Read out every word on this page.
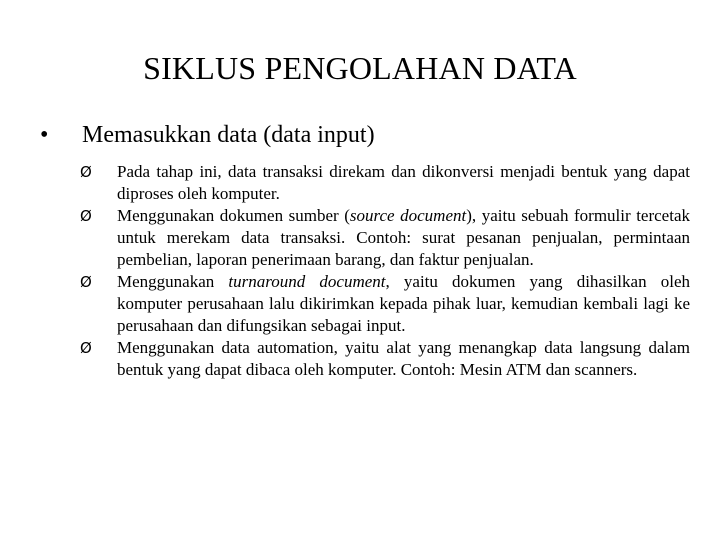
SIKLUS PENGOLAHAN DATA
•	Memasukkan data (data input)
Ø Pada tahap ini, data transaksi direkam dan dikonversi menjadi bentuk yang dapat diproses oleh komputer.
Ø Menggunakan dokumen sumber (source document), yaitu sebuah formulir tercetak untuk merekam data transaksi. Contoh: surat pesanan penjualan, permintaan pembelian, laporan penerimaan barang, dan faktur penjualan.
Ø Menggunakan turnaround document, yaitu dokumen yang dihasilkan oleh komputer perusahaan lalu dikirimkan kepada pihak luar, kemudian kembali lagi ke perusahaan dan difungsikan sebagai input.
Ø Menggunakan data automation, yaitu alat yang menangkap data langsung dalam bentuk yang dapat dibaca oleh komputer. Contoh: Mesin ATM dan scanners.
